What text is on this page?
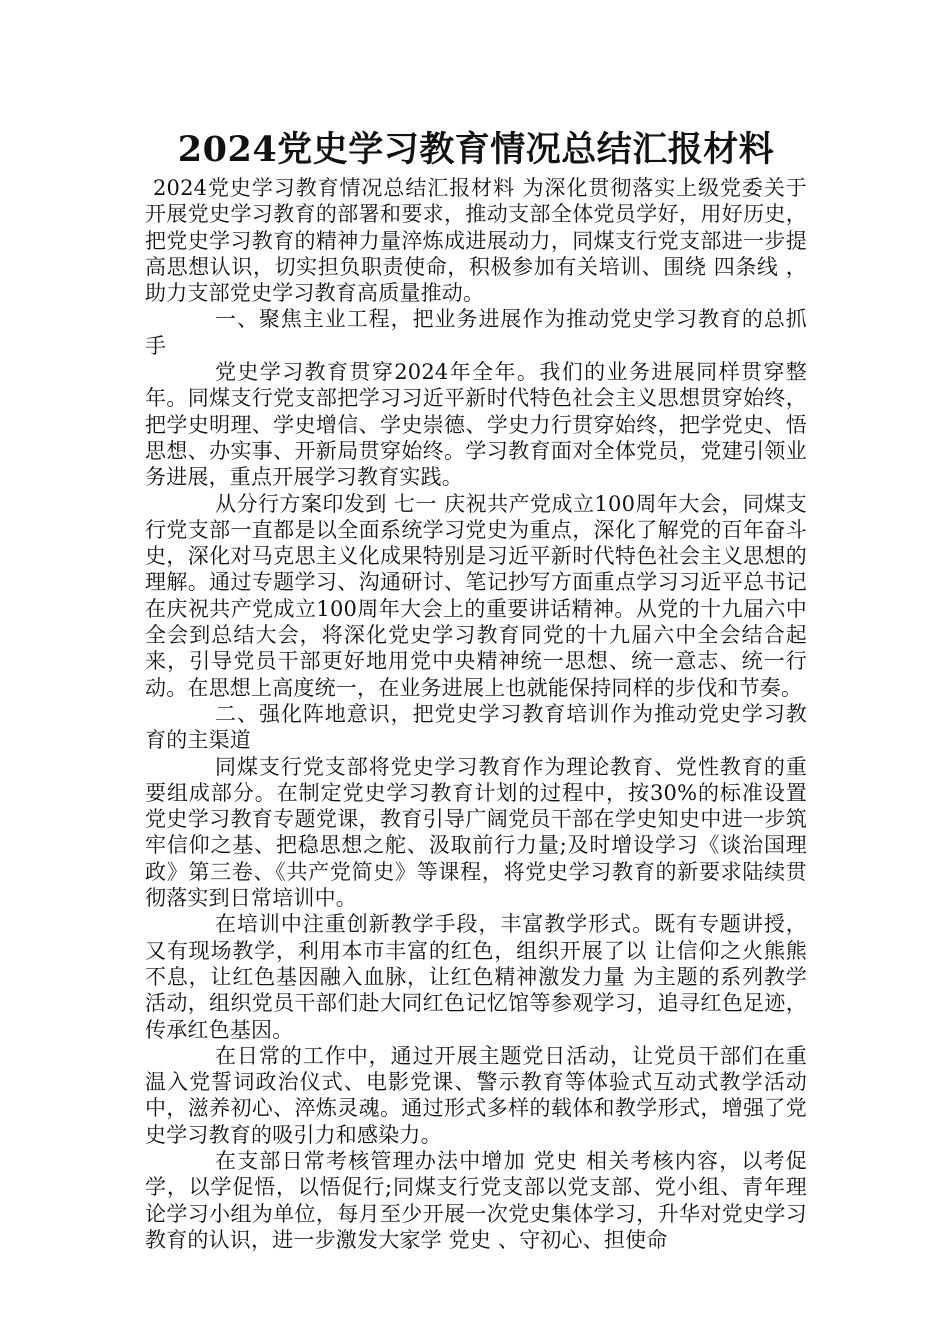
2024党史学习教育情况总结汇报材料

2024党史学习教育情况总结汇报材料 为深化贯彻落实上级党委关于开展党史学习教育的部署和要求，推动支部全体党员学好，用好历史，把党史学习教育的精神力量淬炼成进展动力，同煤支行党支部进一步提高思想认识，切实担负职责使命，积极参加有关培训、围绕 四条线 ，助力支部党史学习教育高质量推动。

一、聚焦主业工程，把业务进展作为推动党史学习教育的总抓手

党史学习教育贯穿2024年全年。我们的业务进展同样贯穿整年。同煤支行党支部把学习习近平新时代特色社会主义思想贯穿始终，把学史明理、学史增信、学史崇德、学史力行贯穿始终，把学党史、悟思想、办实事、开新局贯穿始终。学习教育面对全体党员，党建引领业务进展，重点开展学习教育实践。

从分行方案印发到 七一 庆祝共产党成立100周年大会，同煤支行党支部一直都是以全面系统学习党史为重点，深化了解党的百年奋斗史，深化对马克思主义化成果特别是习近平新时代特色社会主义思想的理解。通过专题学习、沟通研讨、笔记抄写方面重点学习习近平总书记在庆祝共产党成立100周年大会上的重要讲话精神。从党的十九届六中全会到总结大会，将深化党史学习教育同党的十九届六中全会结合起来，引导党员干部更好地用党中央精神统一思想、统一意志、统一行动。在思想上高度统一，在业务进展上也就能保持同样的步伐和节奏。

二、强化阵地意识，把党史学习教育培训作为推动党史学习教育的主渠道

同煤支行党支部将党史学习教育作为理论教育、党性教育的重要组成部分。在制定党史学习教育计划的过程中，按30%的标准设置党史学习教育专题党课，教育引导广阔党员干部在学史知史中进一步筑牢信仰之基、把稳思想之舵、汲取前行力量;及时增设学习《谈治国理政》第三卷、《共产党简史》等课程，将党史学习教育的新要求陆续贯彻落实到日常培训中。

在培训中注重创新教学手段，丰富教学形式。既有专题讲授，又有现场教学，利用本市丰富的红色，组织开展了以 让信仰之火熊熊不息，让红色基因融入血脉，让红色精神激发力量 为主题的系列教学活动，组织党员干部们赴大同红色记忆馆等参观学习，追寻红色足迹，传承红色基因。

在日常的工作中，通过开展主题党日活动，让党员干部们在重温入党誓词政治仪式、电影党课、警示教育等体验式互动式教学活动中，滋养初心、淬炼灵魂。通过形式多样的载体和教学形式，增强了党史学习教育的吸引力和感染力。

在支部日常考核管理办法中增加 党史 相关考核内容，以考促学，以学促悟，以悟促行;同煤支行党支部以党支部、党小组、青年理论学习小组为单位，每月至少开展一次党史集体学习，升华对党史学习教育的认识，进一步激发大家学 党史 、守初心、担使命
